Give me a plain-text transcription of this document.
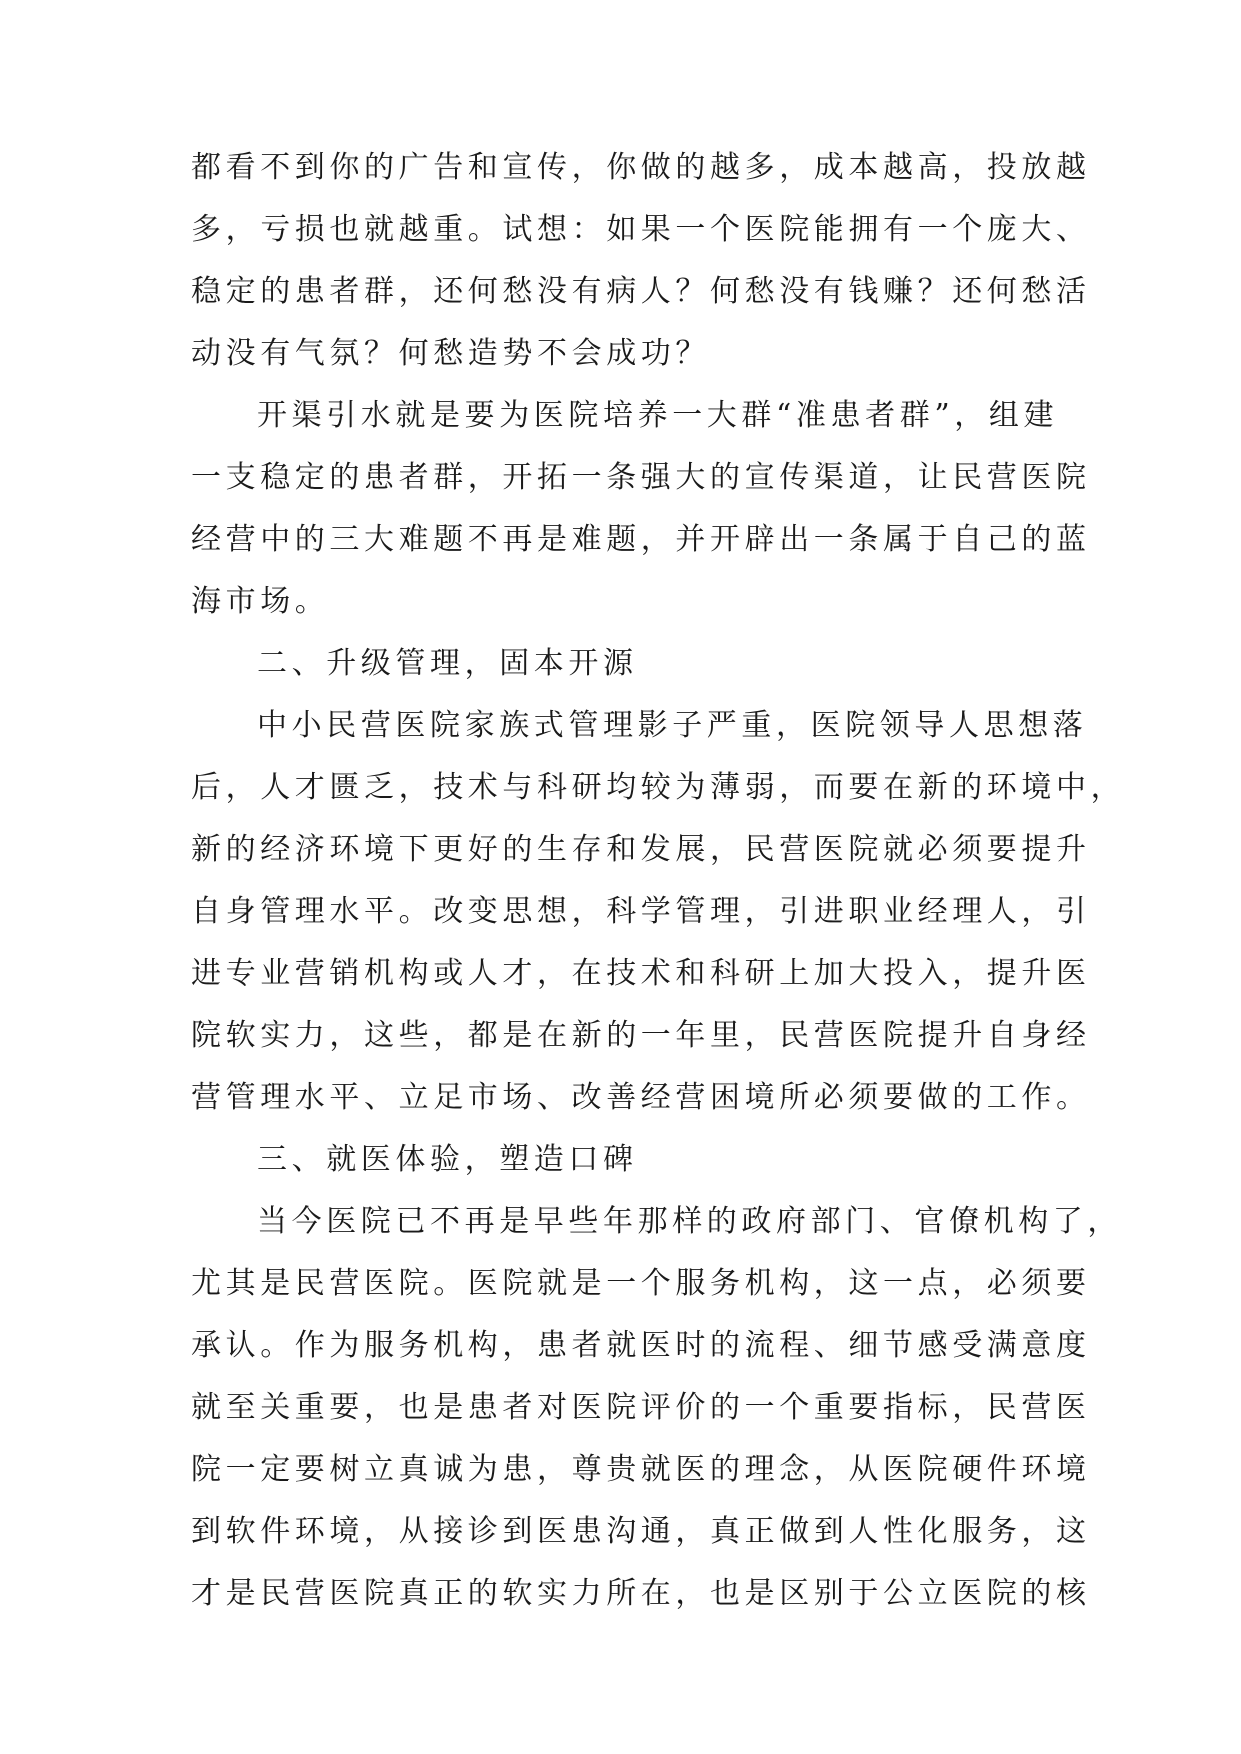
都看不到你的广告和宣传，你做的越多，成本越高，投放越
多，亏损也就越重。试想：如果一个医院能拥有一个庞大、
稳定的患者群，还何愁没有病人？何愁没有钱赚？还何愁活
动没有气氛？何愁造势不会成功？
开渠引水就是要为医院培养一大群“准患者群”，组建
一支稳定的患者群，开拓一条强大的宣传渠道，让民营医院
经营中的三大难题不再是难题，并开辟出一条属于自己的蓝
海市场。
二、升级管理，固本开源
中小民营医院家族式管理影子严重，医院领导人思想落
后，人才匮乏，技术与科研均较为薄弱，而要在新的环境中，
新的经济环境下更好的生存和发展，民营医院就必须要提升
自身管理水平。改变思想，科学管理，引进职业经理人，引
进专业营销机构或人才，在技术和科研上加大投入，提升医
院软实力，这些，都是在新的一年里，民营医院提升自身经
营管理水平、立足市场、改善经营困境所必须要做的工作。
三、就医体验，塑造口碑
当今医院已不再是早些年那样的政府部门、官僚机构了，
尤其是民营医院。医院就是一个服务机构，这一点，必须要
承认。作为服务机构，患者就医时的流程、细节感受满意度
就至关重要，也是患者对医院评价的一个重要指标，民营医
院一定要树立真诚为患，尊贵就医的理念，从医院硬件环境
到软件环境，从接诊到医患沟通，真正做到人性化服务，这
才是民营医院真正的软实力所在，也是区别于公立医院的核
